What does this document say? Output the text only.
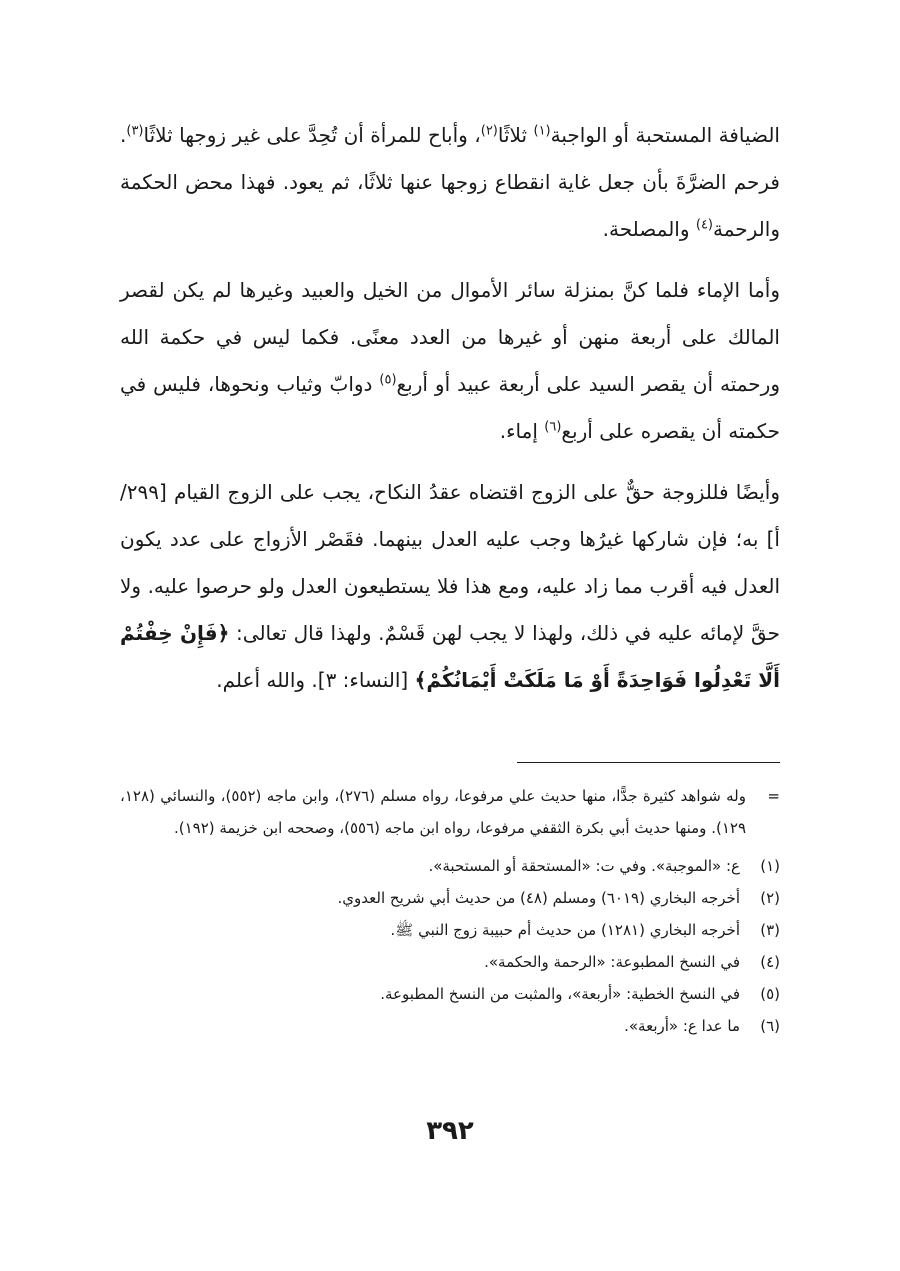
الضيافة المستحبة أو الواجبة$^{(١)}$ ثلاثًا$^{(٢)}$، وأباح للمرأة أن تُحِدَّ على غير زوجها ثلاثًا$^{(٣)}$. فرحم الضرَّةَ بأن جعل غاية انقطاع زوجها عنها ثلاثًا، ثم يعود. فهذا محض الحكمة والرحمة$^{(٤)}$ والمصلحة.

وأما الإماء فلما كنَّ بمنزلة سائر الأموال من الخيل والعبيد وغيرها لم يكن لقصر المالك على أربعة منهن أو غيرها من العدد معنًى. فكما ليس في حكمة الله ورحمته أن يقصر السيد على أربعة عبيد أو أربع$^{(٥)}$ دوابّ وثياب ونحوها، فليس في حكمته أن يقصره على أربع$^{(٦)}$ إماء.

وأيضًا فللزوجة حقٌّ على الزوج اقتضاه عقدُ النكاح، يجب على الزوج القيام [٢٩٩/أ] به؛ فإن شاركها غيرُها وجب عليه العدل بينهما. فقَصْر الأزواج على عدد يكون العدل فيه أقرب مما زاد عليه، ومع هذا فلا يستطيعون العدل ولو حرصوا عليه. ولا حقَّ لإمائه عليه في ذلك، ولهذا لا يجب لهن قَسْمٌ. ولهذا قال تعالى: ﴿فَإِنْ خِفْتُمْ أَلَّا تَعْدِلُوا فَوَاحِدَةً أَوْ مَا مَلَكَتْ أَيْمَانُكُمْ﴾ [النساء: ٣]. والله أعلم.

=
وله شواهد كثيرة جدًّا، منها حديث علي مرفوعا، رواه مسلم (٢٧٦)، وابن ماجه (٥٥٢)، والنسائي (١٢٨، ١٢٩). ومنها حديث أبي بكرة الثقفي مرفوعا، رواه ابن ماجه (٥٥٦)، وصححه ابن خزيمة (١٩٢).

(١)ع: «الموجبة». وفي ت: «المستحقة أو المستحبة».
(٢)أخرجه البخاري (٦٠١٩) ومسلم (٤٨) من حديث أبي شريح العدوي.
(٣)أخرجه البخاري (١٢٨١) من حديث أم حبيبة زوج النبي ﷺ.
(٤)في النسخ المطبوعة: «الرحمة والحكمة».
(٥)في النسخ الخطية: «أربعة»، والمثبت من النسخ المطبوعة.
(٦)ما عدا ع: «أربعة».
٣٩٢
